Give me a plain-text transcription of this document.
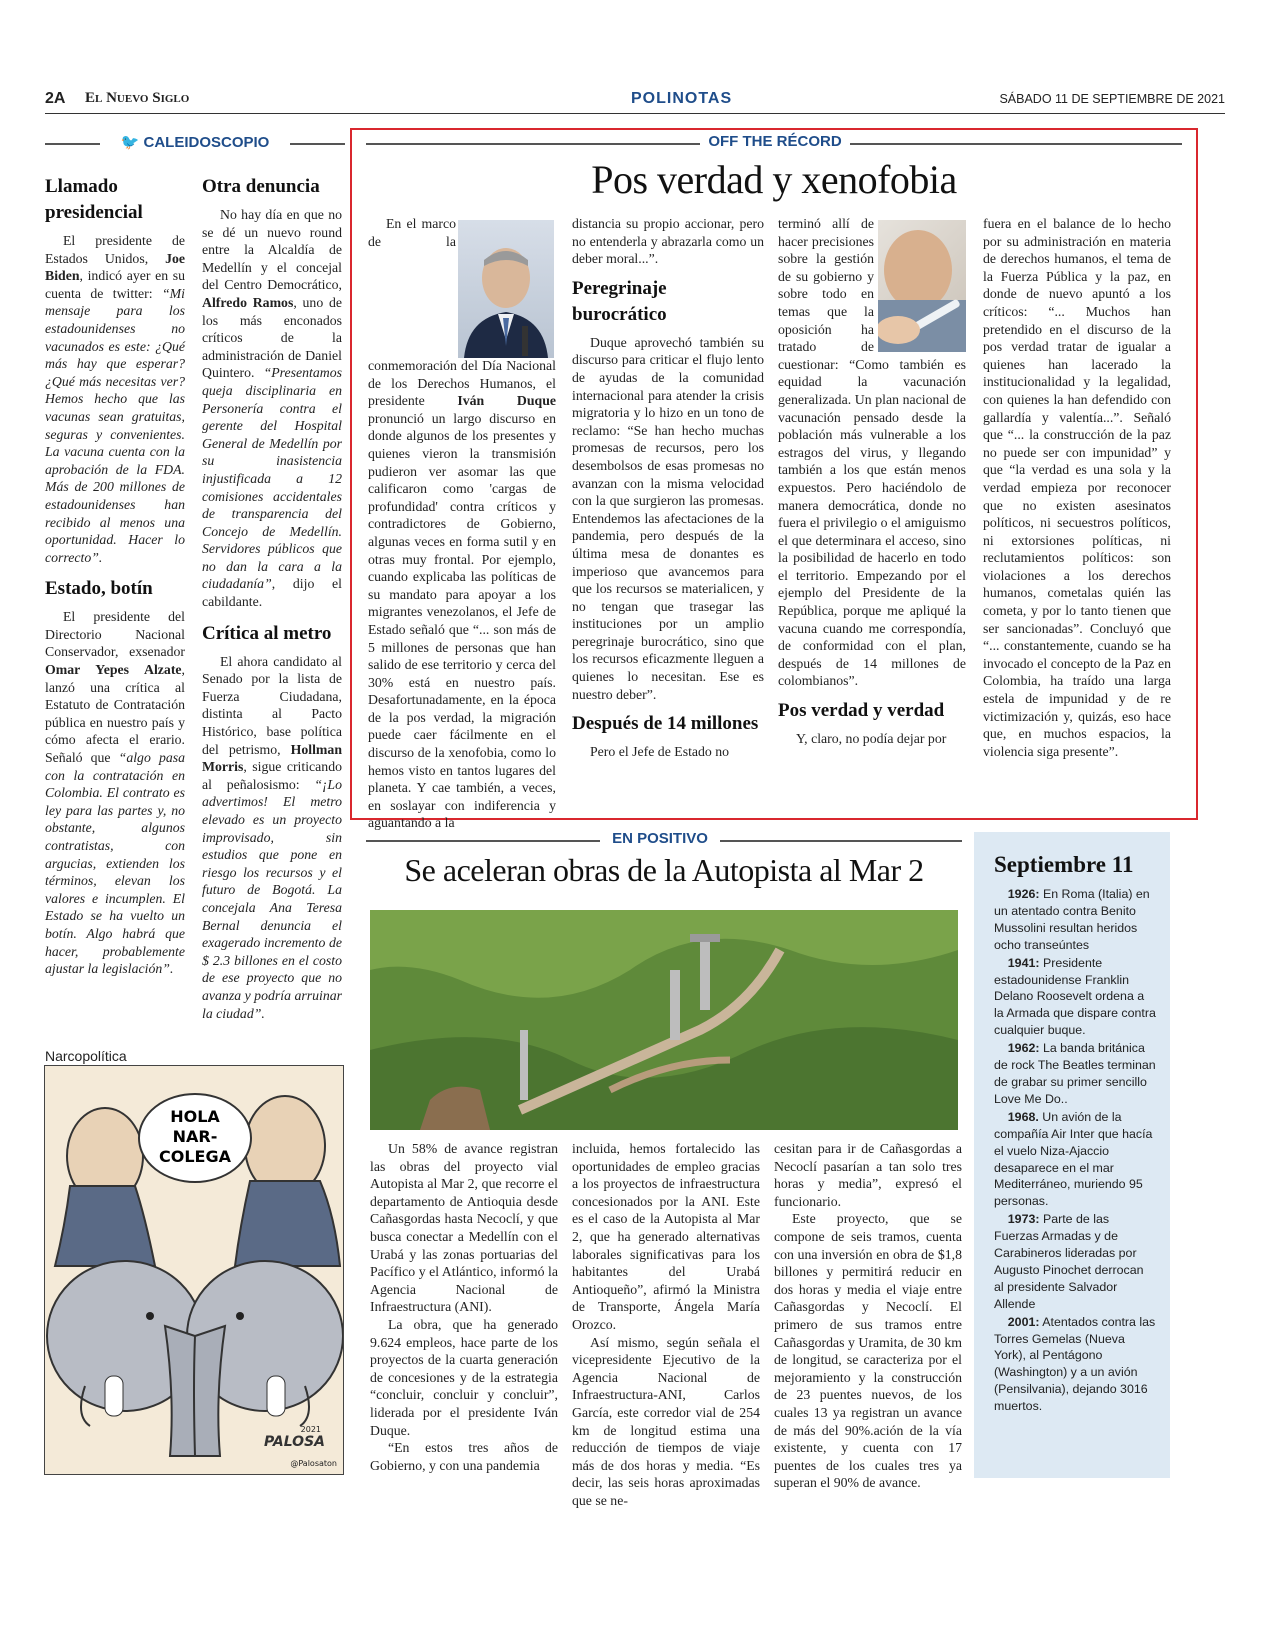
2A El Nuevo Siglo	POLINOTAS	SÁBADO 11 DE SEPTIEMBRE DE 2021
🐦 CALEIDOSCOPIO
Llamado presidencial

El presidente de Estados Unidos, Joe Biden, indicó ayer en su cuenta de twitter: “Mi mensaje para los estadounidenses no vacunados es este: ¿Qué más hay que esperar? ¿Qué más necesitas ver? Hemos hecho que las vacunas sean gratuitas, seguras y convenientes. La vacuna cuenta con la aprobación de la FDA. Más de 200 millones de estadounidenses han recibido al menos una oportunidad. Hacer lo correcto”.

Estado, botín

El presidente del Directorio Nacional Conservador, exsenador Omar Yepes Alzate, lanzó una crítica al Estatuto de Contratación pública en nuestro país y cómo afecta el erario. Señaló que “algo pasa con la contratación en Colombia. El contrato es ley para las partes y, no obstante, algunos contratistas, con argucias, extienden los términos, elevan los valores e incumplen. El Estado se ha vuelto un botín. Algo habrá que hacer, probablemente ajustar la legislación”.

Otra denuncia

No hay día en que no se dé un nuevo round entre la Alcaldía de Medellín y el concejal del Centro Democrático, Alfredo Ramos, uno de los más enconados críticos de la administración de Daniel Quintero. “Presentamos queja disciplinaria en Personería contra el gerente del Hospital General de Medellín por su inasistencia injustificada a 12 comisiones accidentales de transparencia del Concejo de Medellín. Servidores públicos que no dan la cara a la ciudadanía”, dijo el cabildante.

Crítica al metro

El ahora candidato al Senado por la lista de Fuerza Ciudadana, distinta al Pacto Histórico, base política del petrismo, Hollman Morris, sigue criticando al peñalosismo: “¡Lo advertimos! El metro elevado es un proyecto improvisado, sin estudios que pone en riesgo los recursos y el futuro de Bogotá. La concejala Ana Teresa Bernal denuncia el exagerado incremento de $ 2.3 billones en el costo de ese proyecto que no avanza y podría arruinar la ciudad”.

Narcopolítica
HOLA
NAR-
COLEGA
PALOSA
2021
@Palosaton
OFF THE RÉCORD
Pos verdad y xenofobia

En el marco de la conmemoración del Día Nacional de los Derechos Humanos, el presidente Iván Duque pronunció un largo discurso en donde algunos de los presentes y quienes vieron la transmisión pudieron ver asomar las que calificaron como 'cargas de profundidad' contra críticos y contradictores de Gobierno, algunas veces en forma sutil y en otras muy frontal. Por ejemplo, cuando explicaba las políticas de su mandato para apoyar a los migrantes venezolanos, el Jefe de Estado señaló que “... son más de 5 millones de personas que han salido de ese territorio y cerca del 30% está en nuestro país. Desafortunadamente, en la época de la pos verdad, la migración puede caer fácilmente en el discurso de la xenofobia, como lo hemos visto en tantos lugares del planeta. Y cae también, a veces, en soslayar con indiferencia y aguantando a la

distancia su propio accionar, pero no entenderla y abrazarla como un deber moral...”.

Peregrinaje burocrático

Duque aprovechó también su discurso para criticar el flujo lento de ayudas de la comunidad internacional para atender la crisis migratoria y lo hizo en un tono de reclamo: “Se han hecho muchas promesas de recursos, pero los desembolsos de esas promesas no avanzan con la misma velocidad con la que surgieron las promesas. Entendemos las afectaciones de la pandemia, pero después de la última mesa de donantes es imperioso que avancemos para que los recursos se materialicen, y no tengan que trasegar las instituciones por un amplio peregrinaje burocrático, sino que los recursos eficazmente lleguen a quienes lo necesitan. Ese es nuestro deber”.

Después de 14 millones

Pero el Jefe de Estado no

terminó allí de hacer precisiones sobre la gestión de su gobierno y sobre todo en temas que la oposición ha tratado de cuestionar: “Como también es equidad la vacunación generalizada. Un plan nacional de vacunación pensado desde la población más vulnerable a los estragos del virus, y llegando también a los que están menos expuestos. Pero haciéndolo de manera democrática, donde no fuera el privilegio o el amiguismo el que determinara el acceso, sino la posibilidad de hacerlo en todo el territorio. Empezando por el ejemplo del Presidente de la República, porque me apliqué la vacuna cuando me correspondía, de conformidad con el plan, después de 14 millones de colombianos”.

Pos verdad y verdad

Y, claro, no podía dejar por

fuera en el balance de lo hecho por su administración en materia de derechos humanos, el tema de la Fuerza Pública y la paz, en donde de nuevo apuntó a los críticos: “... Muchos han pretendido en el discurso de la pos verdad tratar de igualar a quienes han lacerado la institucionalidad y la legalidad, con quienes la han defendido con gallardía y valentía...”. Señaló que “... la construcción de la paz no puede ser con impunidad” y que “la verdad es una sola y la verdad empieza por reconocer que no existen asesinatos políticos, ni secuestros políticos, ni extorsiones políticas, ni reclutamientos políticos: son violaciones a los derechos humanos, cometalas quién las cometa, y por lo tanto tienen que ser sancionadas”. Concluyó que “... constantemente, cuando se ha invocado el concepto de la Paz en Colombia, ha traído una larga estela de impunidad y de re victimización y, quizás, eso hace que, en muchos espacios, la violencia siga presente”.

EN POSITIVO
Se aceleran obras de la Autopista al Mar 2

Un 58% de avance registran las obras del proyecto vial Autopista al Mar 2, que recorre el departamento de Antioquia desde Cañasgordas hasta Necoclí, y que busca conectar a Medellín con el Urabá y las zonas portuarias del Pacífico y el Atlántico, informó la Agencia Nacional de Infraestructura (ANI).

La obra, que ha generado 9.624 empleos, hace parte de los proyectos de la cuarta generación de concesiones y de la estrategia “concluir, concluir y concluir”, liderada por el presidente Iván Duque.

“En estos tres años de Gobierno, y con una pandemia

incluida, hemos fortalecido las oportunidades de empleo gracias a los proyectos de infraestructura concesionados por la ANI. Este es el caso de la Autopista al Mar 2, que ha generado alternativas laborales significativas para los habitantes del Urabá Antioqueño”, afirmó la Ministra de Transporte, Ángela María Orozco.

Así mismo, según señala el vicepresidente Ejecutivo de la Agencia Nacional de Infraestructura-ANI, Carlos García, este corredor vial de 254 km de longitud estima una reducción de tiempos de viaje más de dos horas y media. “Es decir, las seis horas aproximadas que se ne-

cesitan para ir de Cañasgordas a Necoclí pasarían a tan solo tres horas y media”, expresó el funcionario.

Este proyecto, que se compone de seis tramos, cuenta con una inversión en obra de $1,8 billones y permitirá reducir en dos horas y media el viaje entre Cañasgordas y Necoclí. El primero de sus tramos entre Cañasgordas y Uramita, de 30 km de longitud, se caracteriza por el mejoramiento y la construcción de 23 puentes nuevos, de los cuales 13 ya registran un avance de más del 90%.ación de la vía existente, y cuenta con 17 puentes de los cuales tres ya superan el 90% de avance.

Septiembre 11

1926: En Roma (Italia) en un atentado contra Benito Mussolini resultan heridos ocho transeúntes

1941: Presidente estadounidense Franklin Delano Roosevelt ordena a la Armada que dispare contra cualquier buque.

1962: La banda británica de rock The Beatles terminan de grabar su primer sencillo Love Me Do..

1968. Un avión de la compañía Air Inter que hacía el vuelo Niza-Ajaccio desaparece en el mar Mediterráneo, muriendo 95 personas.

1973: Parte de las Fuerzas Armadas y de Carabineros lideradas por Augusto Pinochet derrocan al presidente Salvador Allende

2001: Atentados contra las Torres Gemelas (Nueva York), al Pentágono (Washington) y a un avión (Pensilvania), dejando 3016 muertos.
